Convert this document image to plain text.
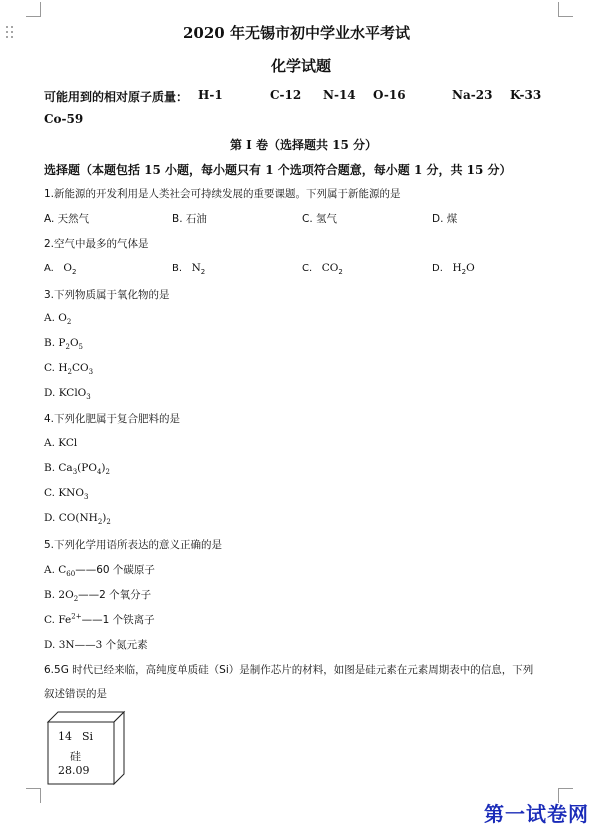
2020 年无锡市初中学业水平考试
化学试题
可能用到的相对原子质量： H-1	C-12 N-14 O-16	Na-23 K-33
Co-59
第 I 卷（选择题共 15 分）
选择题（本题包括 15 小题，每小题只有 1 个选项符合题意，每小题 1 分，共 15 分）
1.新能源的开发利用是人类社会可持续发展的重要课题。下列属于新能源的是
A. 天然气	B. 石油	C. 氢气	D. 煤
2.空气中最多的气体是
A. $O_2$	B. $N_2$	C. $CO_2$	D. $H_2O$
3.下列物质属于氧化物的是
A. $O_2$
B. $P_2O_5$
C. $H_2CO_3$
D. KClO$_3$
4.下列化肥属于复合肥料的是
A. KCl
B. $Ca_3(PO_4)_2$
C. $KNO_3$
D. $CO(NH_2)_2$
5.下列化学用语所表达的意义正确的是
A. $C_{60}——60$ 个碳原子
B. $2O_2——2$ 个氧分子
C. $Fe^{2+}——1$ 个铁离子
D. 3N——3 个氮元素
6.5G 时代已经来临，高纯度单质硅（Si）是制作芯片的材料，如图是硅元素在元素周期表中的信息，下列
叙述错误的是
14 Si
硅
28.09
第一试卷网
